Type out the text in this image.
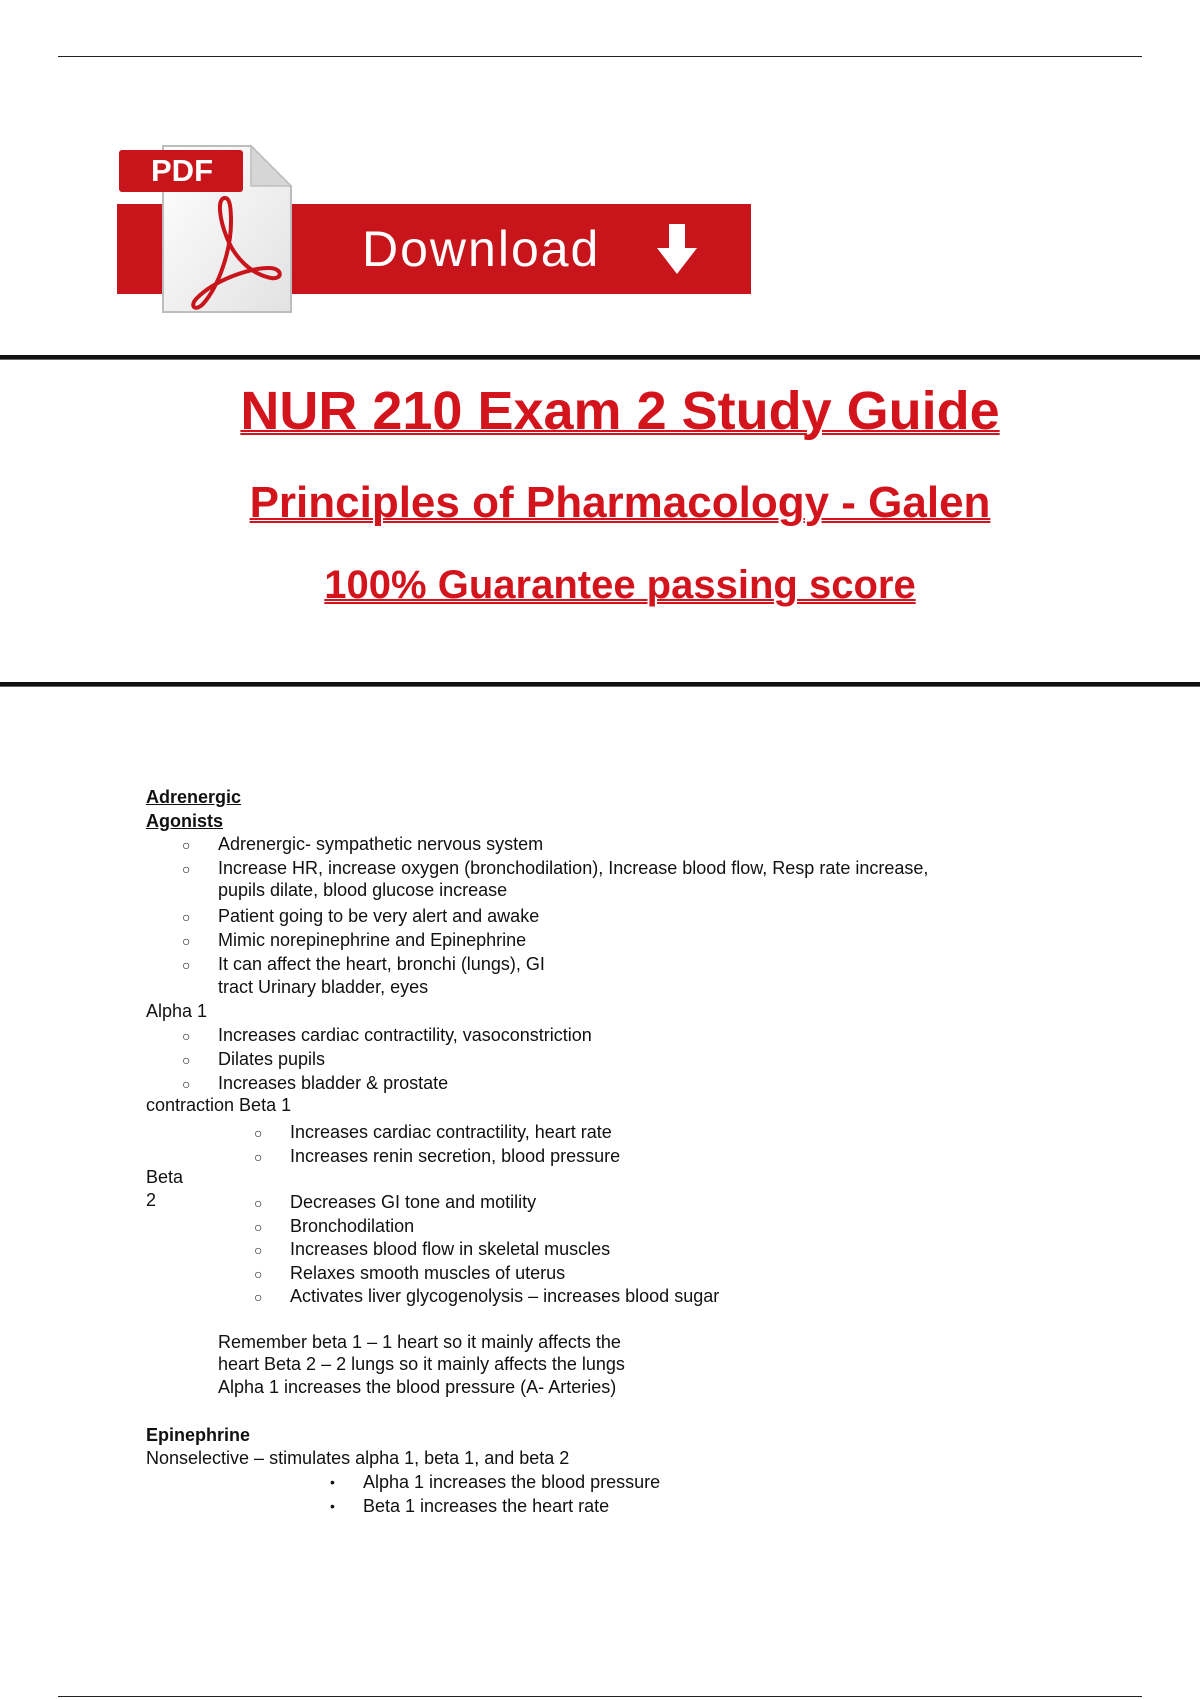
Download
PDF
NUR 210 Exam 2 Study Guide
Principles of Pharmacology - Galen
100% Guarantee passing score
Adrenergic
Agonists
○ Adrenergic- sympathetic nervous system
○ Increase HR, increase oxygen (bronchodilation), Increase blood flow, Resp rate increase,
pupils dilate, blood glucose increase
○ Patient going to be very alert and awake
○ Mimic norepinephrine and Epinephrine
○ It can affect the heart, bronchi (lungs), GI
tract Urinary bladder, eyes
Alpha 1
○ Increases cardiac contractility, vasoconstriction
○ Dilates pupils
○ Increases bladder & prostate
contraction Beta 1
○ Increases cardiac contractility, heart rate
○ Increases renin secretion, blood pressure
Beta
2	○ Decreases GI tone and motility
○ Bronchodilation
○ Increases blood flow in skeletal muscles
○ Relaxes smooth muscles of uterus
○ Activates liver glycogenolysis – increases blood sugar
Remember beta 1 – 1 heart so it mainly affects the
heart Beta 2 – 2 lungs so it mainly affects the lungs
Alpha 1 increases the blood pressure (A- Arteries)
Epinephrine
Nonselective – stimulates alpha 1, beta 1, and beta 2
• Alpha 1 increases the blood pressure
• Beta 1 increases the heart rate
